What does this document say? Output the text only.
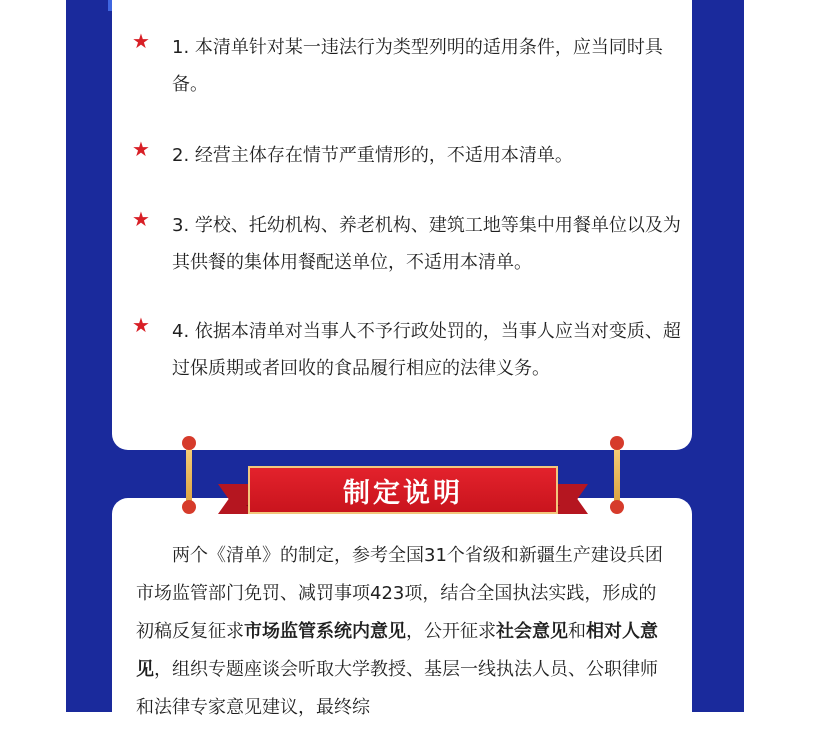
★ 1. 本清单针对某一违法行为类型列明的适用条件，应当同时具备。
★ 2. 经营主体存在情节严重情形的，不适用本清单。
★ 3. 学校、托幼机构、养老机构、建筑工地等集中用餐单位以及为其供餐的集体用餐配送单位，不适用本清单。
★ 4. 依据本清单对当事人不予行政处罚的，当事人应当对变质、超过保质期或者回收的食品履行相应的法律义务。
制定说明
两个《清单》的制定，参考全国31个省级和新疆生产建设兵团市场监管部门免罚、减罚事项423项，结合全国执法实践，形成的初稿反复征求市场监管系统内意见，公开征求社会意见和相对人意见，组织专题座谈会听取大学教授、基层一线执法人员、公职律师和法律专家意见建议，最终综
